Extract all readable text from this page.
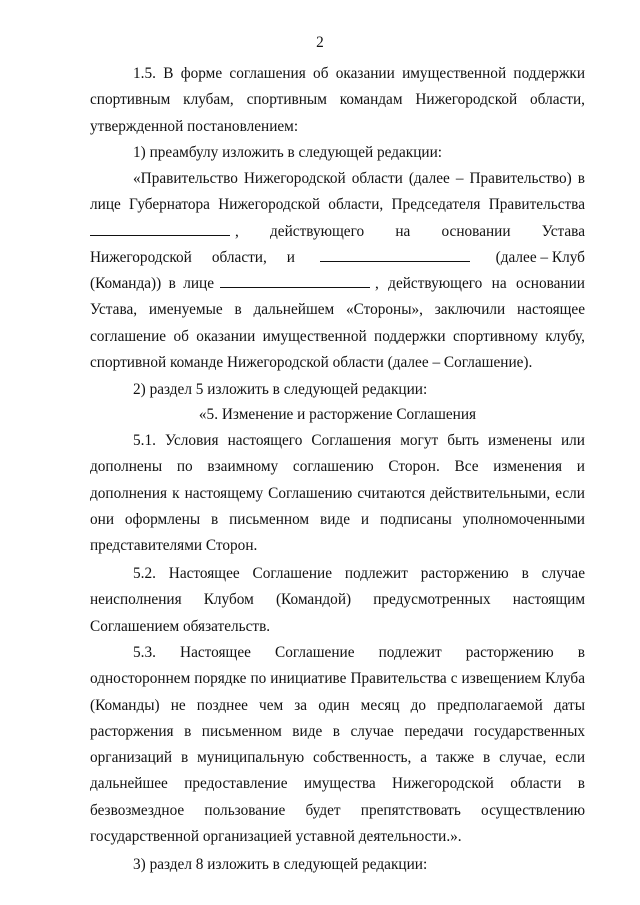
2
1.5. В форме соглашения об оказании имущественной поддержки
спортивным клубам, спортивным командам Нижегородской области,
утвержденной постановлением:
1) преамбулу изложить в следующей редакции:
«Правительство Нижегородской области (далее – Правительство) в
лице Губернатора Нижегородской области, Председателя Правительства
, действующего на основании Устава
Нижегородской области, и	(далее – Клуб
(Команда)) в лице	, действующего на основании
Устава, именуемые в дальнейшем «Стороны», заключили настоящее
соглашение об оказании имущественной поддержки спортивному клубу,
спортивной команде Нижегородской области (далее – Соглашение).
2) раздел 5 изложить в следующей редакции:
«5. Изменение и расторжение Соглашения
5.1. Условия настоящего Соглашения могут быть изменены или
дополнены по взаимному соглашению Сторон. Все изменения и
дополнения к настоящему Соглашению считаются действительными, если
они оформлены в письменном виде и подписаны уполномоченными
представителями Сторон.
5.2. Настоящее Соглашение подлежит расторжению в случае
неисполнения Клубом (Командой) предусмотренных настоящим
Соглашением обязательств.
5.3. Настоящее Соглашение подлежит расторжению в
одностороннем порядке по инициативе Правительства с извещением Клуба
(Команды) не позднее чем за один месяц до предполагаемой даты
расторжения в письменном виде в случае передачи государственных
организаций в муниципальную собственность, а также в случае, если
дальнейшее предоставление имущества Нижегородской области в
безвозмездное пользование будет препятствовать осуществлению
государственной организацией уставной деятельности.».
3) раздел 8 изложить в следующей редакции:
